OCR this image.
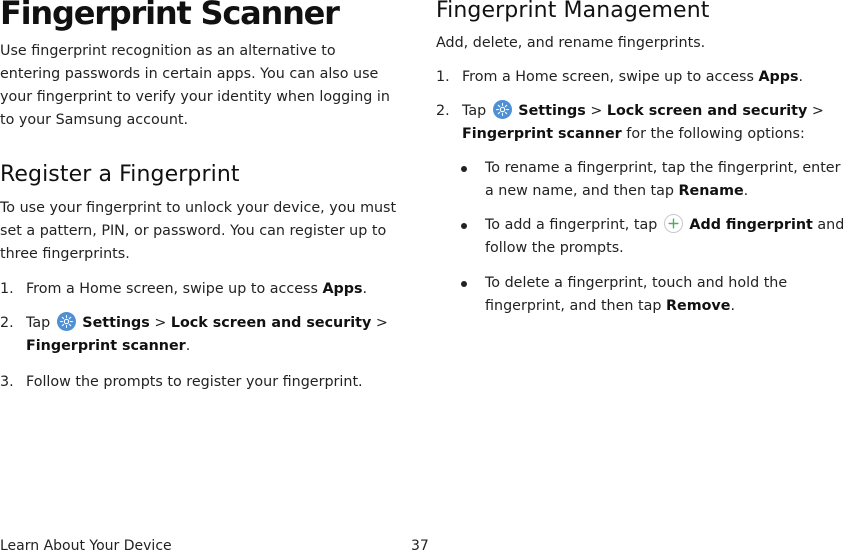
Fingerprint Scanner

Use fingerprint recognition as an alternative to entering passwords in certain apps. You can also use your fingerprint to verify your identity when logging in to your Samsung account.

Register a Fingerprint

To use your fingerprint to unlock your device, you must set a pattern, PIN, or password. You can register up to three fingerprints.

1. From a Home screen, swipe up to access Apps.
2. Tap Settings > Lock screen and security > Fingerprint scanner.
3. Follow the prompts to register your fingerprint.
Fingerprint Management

Add, delete, and rename fingerprints.

1. From a Home screen, swipe up to access Apps.
2. Tap Settings > Lock screen and security > Fingerprint scanner for the following options:
To rename a fingerprint, tap the fingerprint, enter a new name, and then tap Rename.
To add a fingerprint, tap Add fingerprint and follow the prompts.
To delete a fingerprint, touch and hold the fingerprint, and then tap Remove.
Learn About Your Device	37
